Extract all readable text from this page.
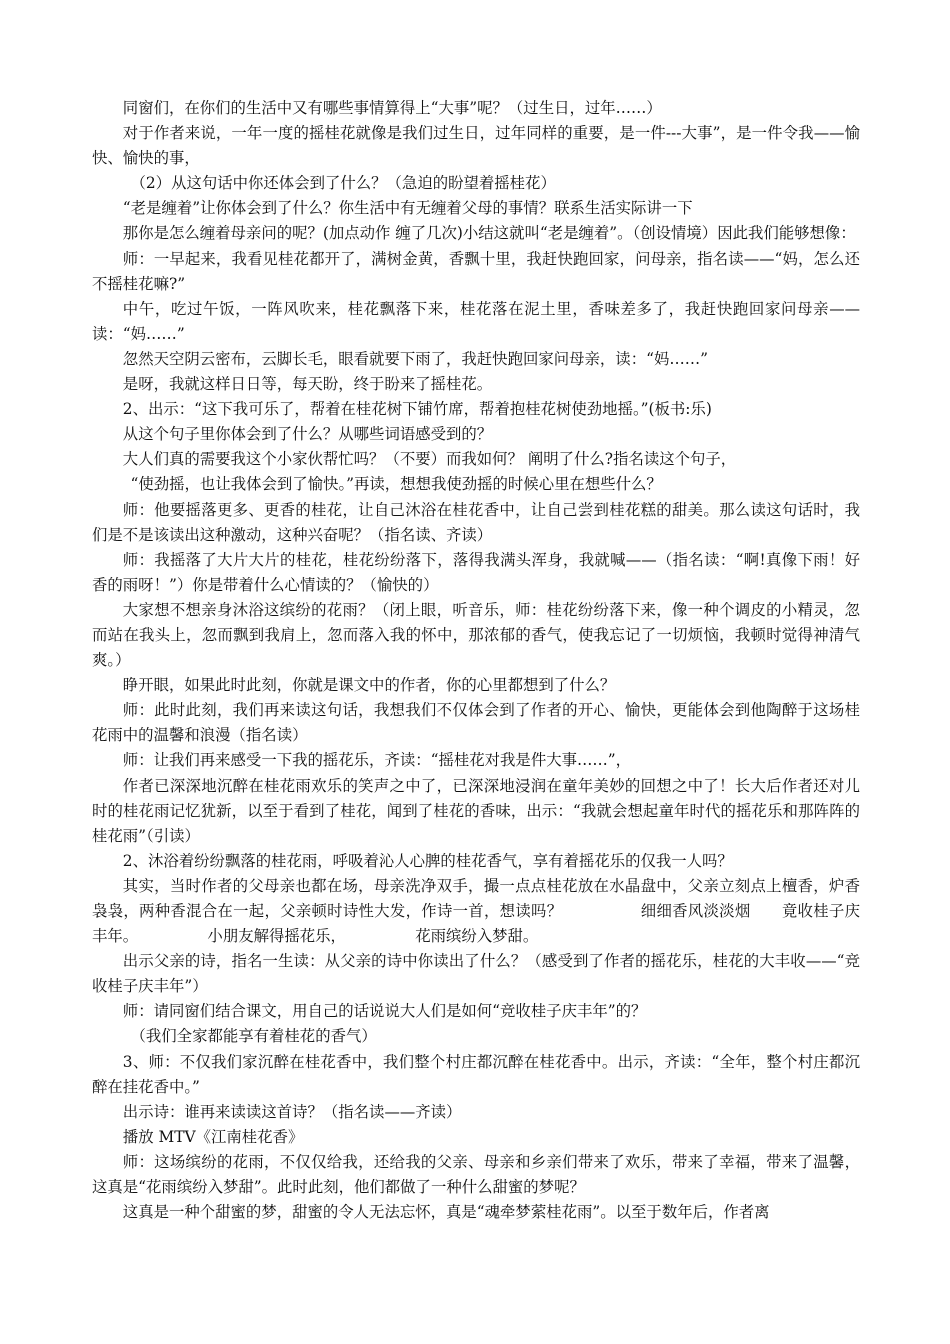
同窗们，在你们的生活中又有哪些事情算得上“大事”呢？（过生日，过年……）

对于作者来说，一年一度的摇桂花就像是我们过生日，过年同样的重要，是一件---大事”，是一件令我——愉快、愉快的事，

（2）从这句话中你还体会到了什么？（急迫的盼望着摇桂花）

“老是缠着”让你体会到了什么？你生活中有无缠着父母的事情？联系生活实际讲一下

那你是怎么缠着母亲问的呢？(加点动作 缠了几次)小结这就叫“老是缠着”。（创设情境）因此我们能够想像：

师：一早起来，我看见桂花都开了，满树金黄，香飘十里，我赶快跑回家，问母亲，指名读——“妈，怎么还不摇桂花嘛?”

中午，吃过午饭，一阵风吹来，桂花飘落下来，桂花落在泥土里，香味差多了，我赶快跑回家问母亲——读：“妈……”

忽然天空阴云密布，云脚长毛，眼看就要下雨了，我赶快跑回家问母亲，读：“妈……”

是呀，我就这样日日等，每天盼，终于盼来了摇桂花。

2、出示：“这下我可乐了，帮着在桂花树下铺竹席，帮着抱桂花树使劲地摇。”(板书:乐)

从这个句子里你体会到了什么？从哪些词语感受到的？

大人们真的需要我这个小家伙帮忙吗？（不要）而我如何？ 阐明了什么?指名读这个句子，

“使劲摇，也让我体会到了愉快。”再读，想想我使劲摇的时候心里在想些什么？

师：他要摇落更多、更香的桂花，让自己沐浴在桂花香中，让自己尝到桂花糕的甜美。那么读这句话时，我们是不是该读出这种激动，这种兴奋呢？（指名读、齐读）

师：我摇落了大片大片的桂花，桂花纷纷落下，落得我满头浑身，我就喊——（指名读：“啊!真像下雨！好香的雨呀！”）你是带着什么心情读的？（愉快的）

大家想不想亲身沐浴这缤纷的花雨？（闭上眼，听音乐，师：桂花纷纷落下来，像一种个调皮的小精灵，忽而站在我头上，忽而飘到我肩上，忽而落入我的怀中，那浓郁的香气，使我忘记了一切烦恼，我顿时觉得神清气爽。）

睁开眼，如果此时此刻，你就是课文中的作者，你的心里都想到了什么？

师：此时此刻，我们再来读这句话，我想我们不仅体会到了作者的开心、愉快，更能体会到他陶醉于这场桂花雨中的温馨和浪漫（指名读）

师：让我们再来感受一下我的摇花乐，齐读：“摇桂花对我是件大事……”，

作者已深深地沉醉在桂花雨欢乐的笑声之中了，已深深地浸润在童年美妙的回想之中了！长大后作者还对儿时的桂花雨记忆犹新，以至于看到了桂花，闻到了桂花的香味，出示：“我就会想起童年时代的摇花乐和那阵阵的桂花雨”（引读）

2、沐浴着纷纷飘落的桂花雨，呼吸着沁人心脾的桂花香气，享有着摇花乐的仅我一人吗？

其实，当时作者的父母亲也都在场，母亲洗净双手，撮一点点桂花放在水晶盘中，父亲立刻点上檀香，炉香袅袅，两种香混合在一起，父亲顿时诗性大发，作诗一首，想读吗？　　　　　细细香风淡淡烟　　竟收桂子庆丰年。　　　　　小朋友解得摇花乐，　　　　　花雨缤纷入梦甜。

出示父亲的诗，指名一生读：从父亲的诗中你读出了什么？（感受到了作者的摇花乐，桂花的大丰收——“竞收桂子庆丰年”）

师：请同窗们结合课文，用自己的话说说大人们是如何“竞收桂子庆丰年”的？

（我们全家都能享有着桂花的香气）

3、师：不仅我们家沉醉在桂花香中，我们整个村庄都沉醉在桂花香中。出示，齐读：“全年，整个村庄都沉醉在挂花香中。”

出示诗：谁再来读读这首诗？（指名读——齐读）

播放 MTV《江南桂花香》

师：这场缤纷的花雨，不仅仅给我，还给我的父亲、母亲和乡亲们带来了欢乐，带来了幸福，带来了温馨，这真是“花雨缤纷入梦甜”。此时此刻，他们都做了一种什么甜蜜的梦呢？

这真是一种个甜蜜的梦，甜蜜的令人无法忘怀，真是“魂牵梦萦桂花雨”。以至于数年后，作者离
